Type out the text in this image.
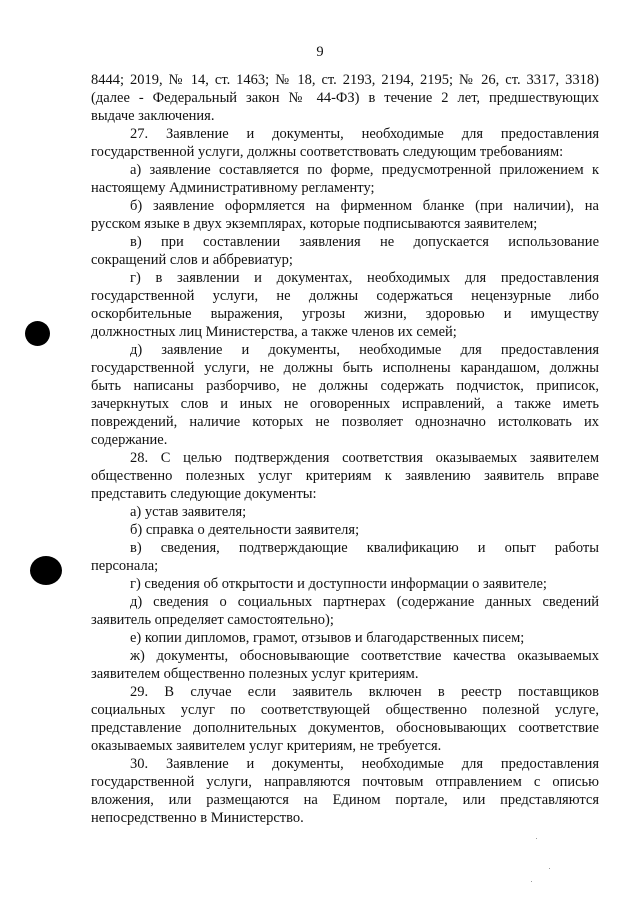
9
8444; 2019, № 14, ст. 1463; № 18, ст. 2193, 2194, 2195; № 26, ст. 3317, 3318)
(далее - Федеральный закон № 44-ФЗ) в течение 2 лет, предшествующих
выдаче заключения.
27. Заявление и документы, необходимые для предоставления
государственной услуги, должны соответствовать следующим требованиям:
а) заявление составляется по форме, предусмотренной приложением к
настоящему Административному регламенту;
б) заявление оформляется на фирменном бланке (при наличии), на
русском языке в двух экземплярах, которые подписываются заявителем;
в) при составлении заявления не допускается использование
сокращений слов и аббревиатур;
г) в заявлении и документах, необходимых для предоставления
государственной услуги, не должны содержаться нецензурные либо
оскорбительные выражения, угрозы жизни, здоровью и имуществу
должностных лиц Министерства, а также членов их семей;
д) заявление и документы, необходимые для предоставления
государственной услуги, не должны быть исполнены карандашом, должны
быть написаны разборчиво, не должны содержать подчисток, приписок,
зачеркнутых слов и иных не оговоренных исправлений, а также иметь
повреждений, наличие которых не позволяет однозначно истолковать их
содержание.
28. С целью подтверждения соответствия оказываемых заявителем
общественно полезных услуг критериям к заявлению заявитель вправе
представить следующие документы:
а) устав заявителя;
б) справка о деятельности заявителя;
в) сведения, подтверждающие квалификацию и опыт работы
персонала;
г) сведения об открытости и доступности информации о заявителе;
д) сведения о социальных партнерах (содержание данных сведений
заявитель определяет самостоятельно);
е) копии дипломов, грамот, отзывов и благодарственных писем;
ж) документы, обосновывающие соответствие качества оказываемых
заявителем общественно полезных услуг критериям.
29. В случае если заявитель включен в реестр поставщиков
социальных услуг по соответствующей общественно полезной услуге,
представление дополнительных документов, обосновывающих соответствие
оказываемых заявителем услуг критериям, не требуется.
30. Заявление и документы, необходимые для предоставления
государственной услуги, направляются почтовым отправлением с описью
вложения, или размещаются на Едином портале, или представляются
непосредственно в Министерство.
